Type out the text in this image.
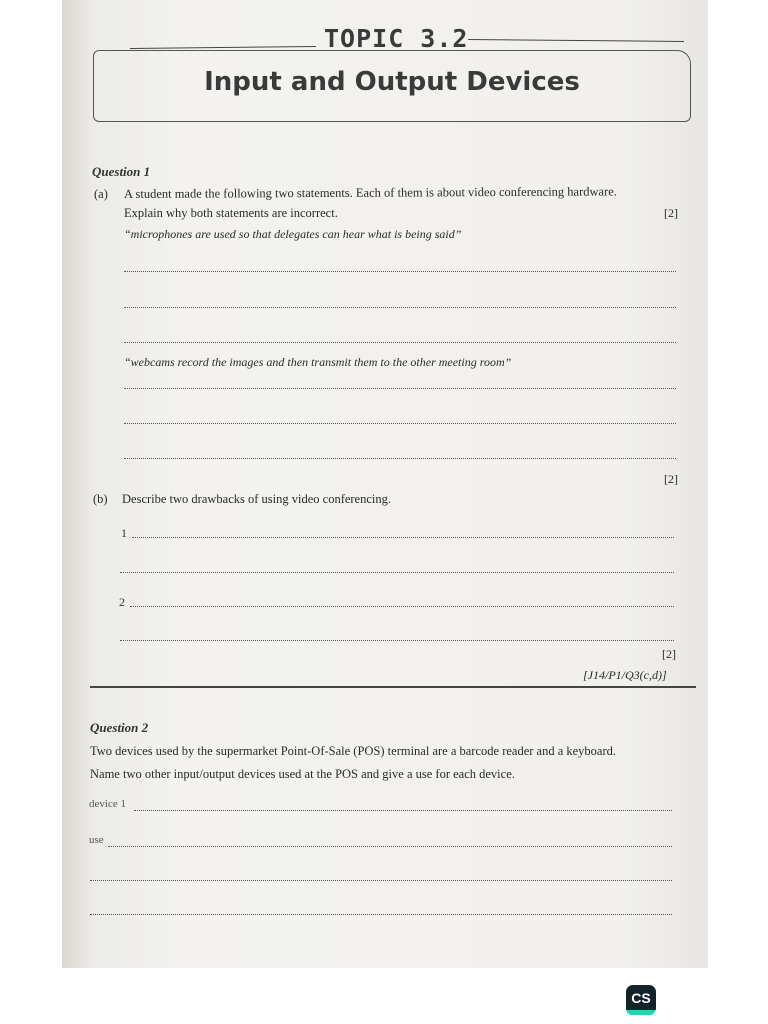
TOPIC 3.2
Input and Output Devices
Question 1
(a) A student made the following two statements. Each of them is about video conferencing hardware.
Explain why both statements are incorrect.	[2]
“microphones are used so that delegates can hear what is being said”
“webcams record the images and then transmit them to the other meeting room”
[2]
(b) Describe two drawbacks of using video conferencing.
1
2
[2]
[J14/P1/Q3(c,d)]
Question 2
Two devices used by the supermarket Point-Of-Sale (POS) terminal are a barcode reader and a keyboard.
Name two other input/output devices used at the POS and give a use for each device.
device 1
use
CS
